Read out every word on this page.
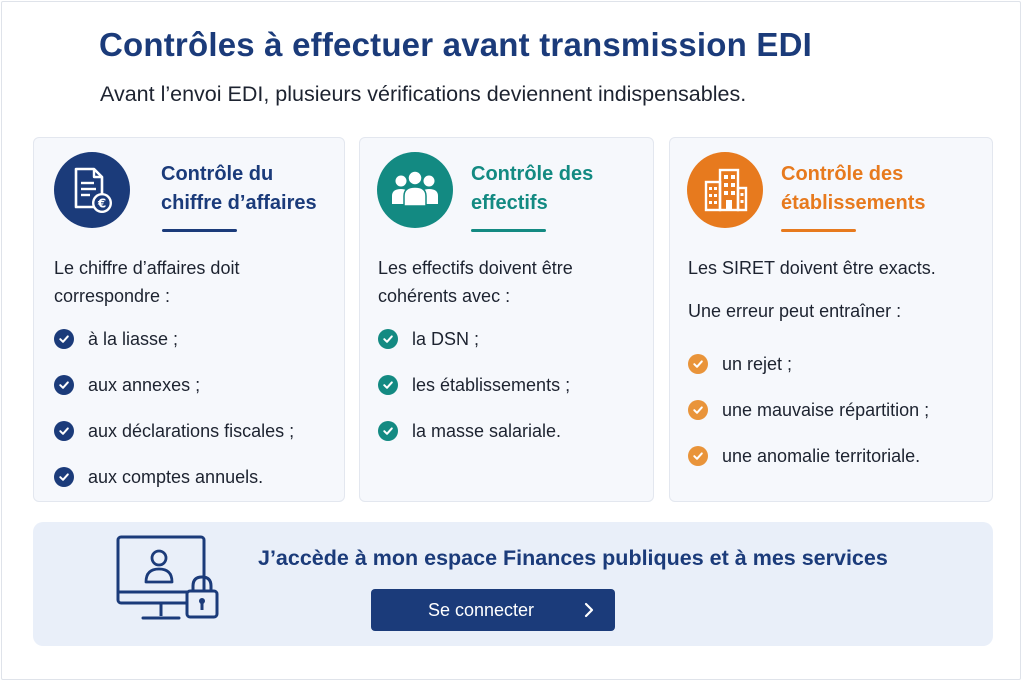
Contrôles à effectuer avant transmission EDI

Avant l’envoi EDI, plusieurs vérifications deviennent indispensables.

€
Contrôle du
chiffre d’affaires

Le chiffre d’affaires doit correspondre :

à la liasse ;
aux annexes ;
aux déclarations fiscales ;
aux comptes annuels.
Contrôle des
effectifs

Les effectifs doivent être cohérents avec :

la DSN ;
les établissements ;
la masse salariale.
Contrôle des
établissements

Les SIRET doivent être exacts.

Une erreur peut entraîner :

un rejet ;
une mauvaise répartition ;
une anomalie territoriale.

J’accède à mon espace Finances publiques et à mes services

Se connecter
